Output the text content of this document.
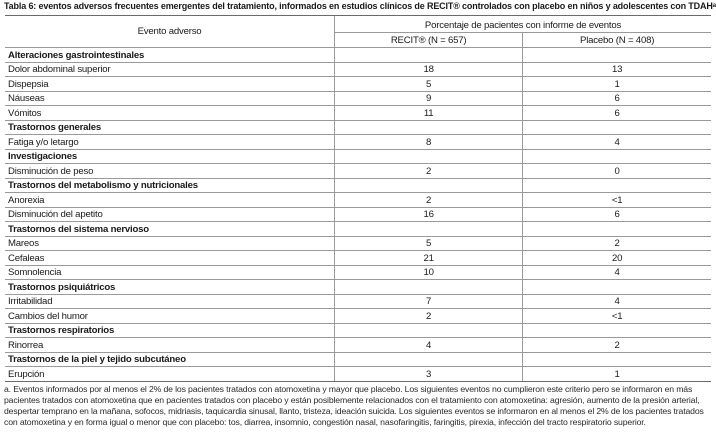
Tabla 6: eventos adversos frecuentes emergentes del tratamiento, informados en estudios clínicos de RECIT® controlados con placebo en niños y adolescentes con TDAHᵃ
Evento adverso	Porcentaje de pacientes con informe de eventos	
	RECIT® (N = 657)	Placebo (N = 408)
Alteraciones gastrointestinales		
Dolor abdominal superior	18	13
Dispepsia	5	1
Náuseas	9	6
Vómitos	11	6
Trastornos generales		
Fatiga y/o letargo	8	4
Investigaciones		
Disminución de peso	2	0
Trastornos del metabolismo y nutricionales		
Anorexia	2	<1
Disminución del apetito	16	6
Trastornos del sistema nervioso		
Mareos	5	2
Cefaleas	21	20
Somnolencia	10	4
Trastornos psiquiátricos		
Irritabilidad	7	4
Cambios del humor	2	<1
Trastornos respiratorios		
Rinorrea	4	2
Trastornos de la piel y tejido subcutáneo		
Erupción	3	1

a. Eventos informados por al menos el 2% de los pacientes tratados con atomoxetina y mayor que placebo. Los siguientes eventos no cumplieron este criterio pero se informaron en más pacientes tratados con atomoxetina que en pacientes tratados con placebo y están posiblemente relacionados con el tratamiento con atomoxetina: agresión, aumento de la presión arterial, despertar temprano en la mañana, sofocos, midriasis, taquicardia sinusal, llanto, tristeza, ideación suicida. Los siguientes eventos se informaron en al menos el 2% de los pacientes tratados con atomoxetina y en forma igual o menor que con placebo: tos, diarrea, insomnio, congestión nasal, nasofaringitis, faringitis, pirexia, infección del tracto respiratorio superior.
